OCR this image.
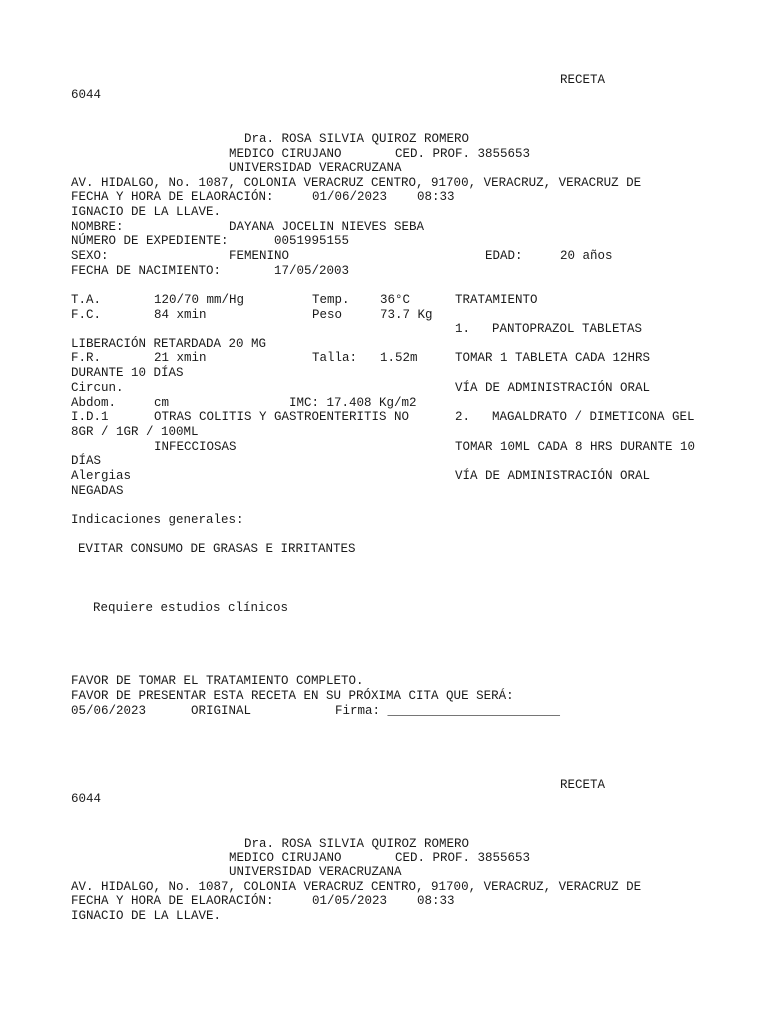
RECETA
6044
Dra. ROSA SILVIA QUIROZ ROMERO
MEDICO CIRUJANO	CED. PROF. 3855653
UNIVERSIDAD VERACRUZANA
AV. HIDALGO, No. 1087, COLONIA VERACRUZ CENTRO, 91700, VERACRUZ, VERACRUZ DE
FECHA Y HORA DE ELAORACIÓN:	01/06/2023 08:33
IGNACIO DE LA LLAVE.
NOMBRE:	DAYANA JOCELIN NIEVES SEBA
NÚMERO DE EXPEDIENTE:	0051995155
SEXO:	FEMENINO	EDAD:	20 años
FECHA DE NACIMIENTO:	17/05/2003
T.A.	120/70 mm/Hg	Temp. 36°C	TRATAMIENTO
F.C.	84 xmin	Peso	73.7 Kg
1. PANTOPRAZOL TABLETAS
LIBERACIÓN RETARDADA 20 MG
F.R.	21 xmin	Talla: 1.52m	TOMAR 1 TABLETA CADA 12HRS
DURANTE 10 DÍAS
Circun.	VÍA DE ADMINISTRACIÓN ORAL
Abdom.	cm	IMC: 17.408 Kg/m2
I.D.1	OTRAS COLITIS Y GASTROENTERITIS NO	2. MAGALDRATO / DIMETICONA GEL
8GR / 1GR / 100ML
INFECCIOSAS	TOMAR 10ML CADA 8 HRS DURANTE 10
DÍAS
Alergias	VÍA DE ADMINISTRACIÓN ORAL
NEGADAS
Indicaciones generales:
EVITAR CONSUMO DE GRASAS E IRRITANTES
Requiere estudios clínicos
FAVOR DE TOMAR EL TRATAMIENTO COMPLETO.
FAVOR DE PRESENTAR ESTA RECETA EN SU PRÓXIMA CITA QUE SERÁ:
05/06/2023	ORIGINAL	Firma: _______________________
RECETA
6044
Dra. ROSA SILVIA QUIROZ ROMERO
MEDICO CIRUJANO	CED. PROF. 3855653
UNIVERSIDAD VERACRUZANA
AV. HIDALGO, No. 1087, COLONIA VERACRUZ CENTRO, 91700, VERACRUZ, VERACRUZ DE
FECHA Y HORA DE ELAORACIÓN:	01/05/2023 08:33
IGNACIO DE LA LLAVE.
